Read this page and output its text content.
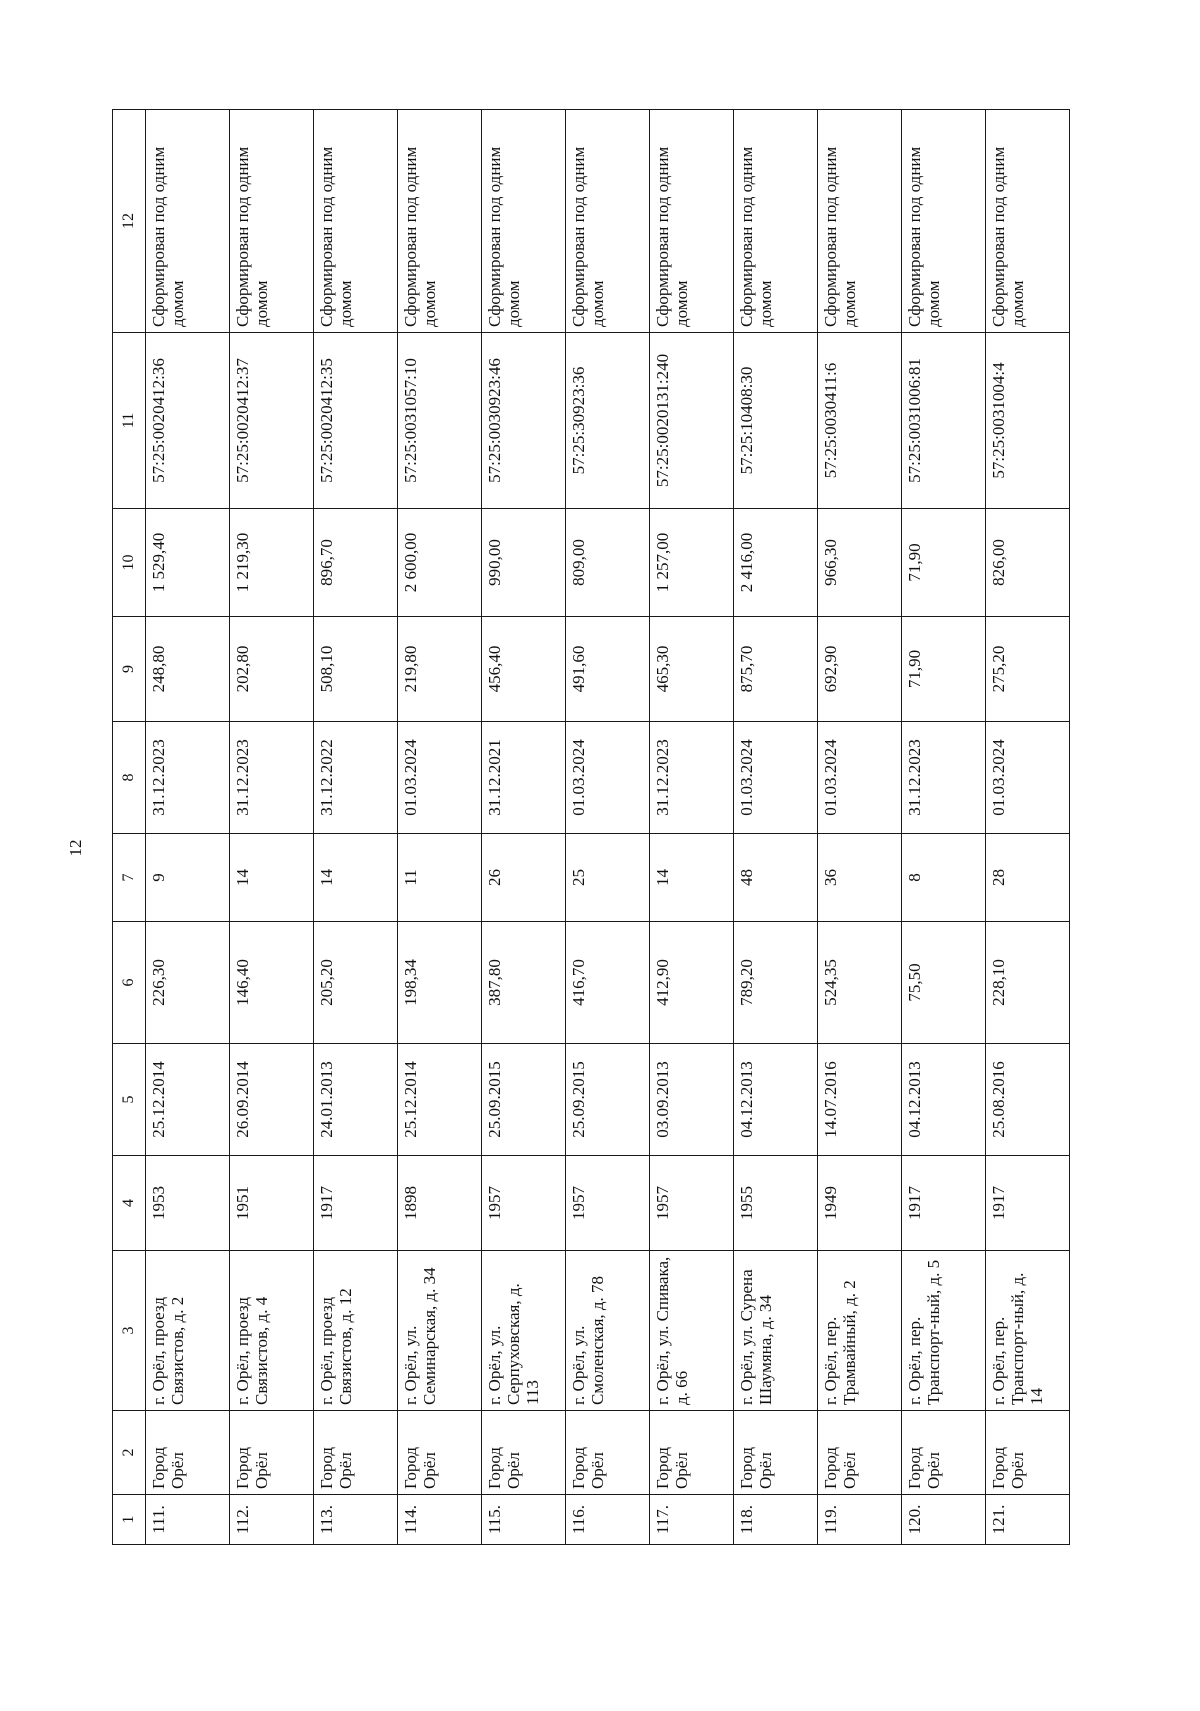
12
1	2	3	4	5	6	7	8	9	10	11	12
111.	Город Орёл	г. Орёл, проезд Связистов, д. 2	1953	25.12.2014	226,30	9	31.12.2023	248,80	1 529,40	57:25:0020412:36	Сформирован под одним домом
112.	Город Орёл	г. Орёл, проезд Связистов, д. 4	1951	26.09.2014	146,40	14	31.12.2023	202,80	1 219,30	57:25:0020412:37	Сформирован под одним домом
113.	Город Орёл	г. Орёл, проезд Связистов, д. 12	1917	24.01.2013	205,20	14	31.12.2022	508,10	896,70	57:25:0020412:35	Сформирован под одним домом
114.	Город Орёл	г. Орёл, ул. Семинарская, д. 34	1898	25.12.2014	198,34	11	01.03.2024	219,80	2 600,00	57:25:0031057:10	Сформирован под одним домом
115.	Город Орёл	г. Орёл, ул. Серпуховская, д. 113	1957	25.09.2015	387,80	26	31.12.2021	456,40	990,00	57:25:0030923:46	Сформирован под одним домом
116.	Город Орёл	г. Орёл, ул. Смоленская, д. 78	1957	25.09.2015	416,70	25	01.03.2024	491,60	809,00	57:25:30923:36	Сформирован под одним домом
117.	Город Орёл	г. Орёл, ул. Спивака, д. 66	1957	03.09.2013	412,90	14	31.12.2023	465,30	1 257,00	57:25:0020131:240	Сформирован под одним домом
118.	Город Орёл	г. Орёл, ул. Сурена Шаумяна, д. 34	1955	04.12.2013	789,20	48	01.03.2024	875,70	2 416,00	57:25:10408:30	Сформирован под одним домом
119.	Город Орёл	г. Орёл, пер. Трамвайный, д. 2	1949	14.07.2016	524,35	36	01.03.2024	692,90	966,30	57:25:0030411:6	Сформирован под одним домом
120.	Город Орёл	г. Орёл, пер. Транспорт-ный, д. 5	1917	04.12.2013	75,50	8	31.12.2023	71,90	71,90	57:25:0031006:81	Сформирован под одним домом
121.	Город Орёл	г. Орёл, пер. Транспорт-ный, д. 14	1917	25.08.2016	228,10	28	01.03.2024	275,20	826,00	57:25:0031004:4	Сформирован под одним домом
